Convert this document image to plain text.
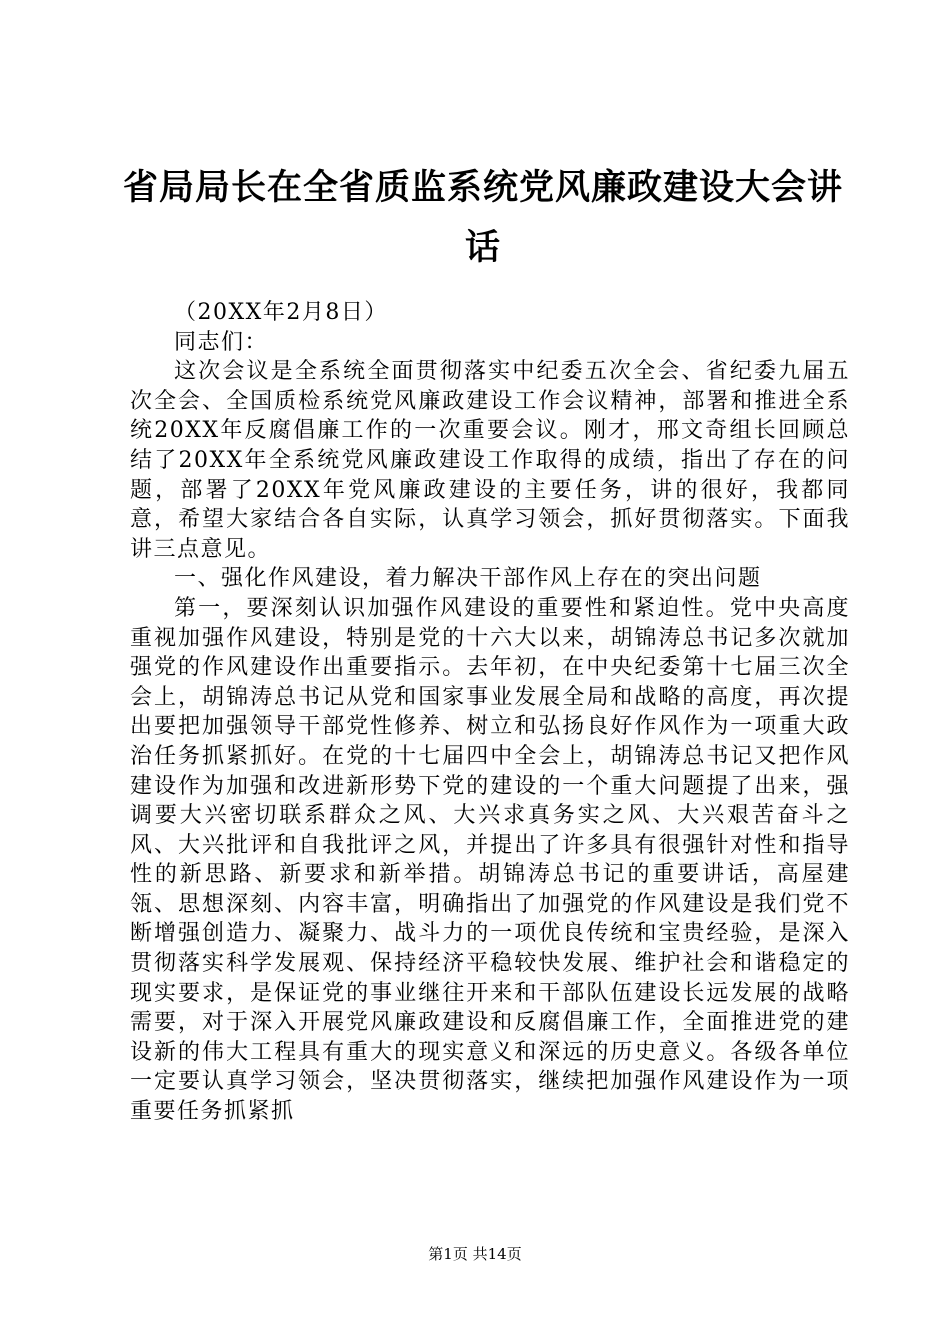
省局局长在全省质监系统党风廉政建设大会讲话

（20XX年2月8日）

同志们：

这次会议是全系统全面贯彻落实中纪委五次全会、省纪委九届五次全会、全国质检系统党风廉政建设工作会议精神，部署和推进全系统20XX年反腐倡廉工作的一次重要会议。刚才，邢文奇组长回顾总结了20XX年全系统党风廉政建设工作取得的成绩，指出了存在的问题，部署了20XX年党风廉政建设的主要任务，讲的很好，我都同意，希望大家结合各自实际，认真学习领会，抓好贯彻落实。下面我讲三点意见。

一、强化作风建设，着力解决干部作风上存在的突出问题

第一，要深刻认识加强作风建设的重要性和紧迫性。党中央高度重视加强作风建设，特别是党的十六大以来，胡锦涛总书记多次就加强党的作风建设作出重要指示。去年初，在中央纪委第十七届三次全会上，胡锦涛总书记从党和国家事业发展全局和战略的高度，再次提出要把加强领导干部党性修养、树立和弘扬良好作风作为一项重大政治任务抓紧抓好。在党的十七届四中全会上，胡锦涛总书记又把作风建设作为加强和改进新形势下党的建设的一个重大问题提了出来，强调要大兴密切联系群众之风、大兴求真务实之风、大兴艰苦奋斗之风、大兴批评和自我批评之风，并提出了许多具有很强针对性和指导性的新思路、新要求和新举措。胡锦涛总书记的重要讲话，高屋建瓴、思想深刻、内容丰富，明确指出了加强党的作风建设是我们党不断增强创造力、凝聚力、战斗力的一项优良传统和宝贵经验，是深入贯彻落实科学发展观、保持经济平稳较快发展、维护社会和谐稳定的现实要求，是保证党的事业继往开来和干部队伍建设长远发展的战略需要，对于深入开展党风廉政建设和反腐倡廉工作，全面推进党的建设新的伟大工程具有重大的现实意义和深远的历史意义。各级各单位一定要认真学习领会，坚决贯彻落实，继续把加强作风建设作为一项重要任务抓紧抓

第1页 共14页
